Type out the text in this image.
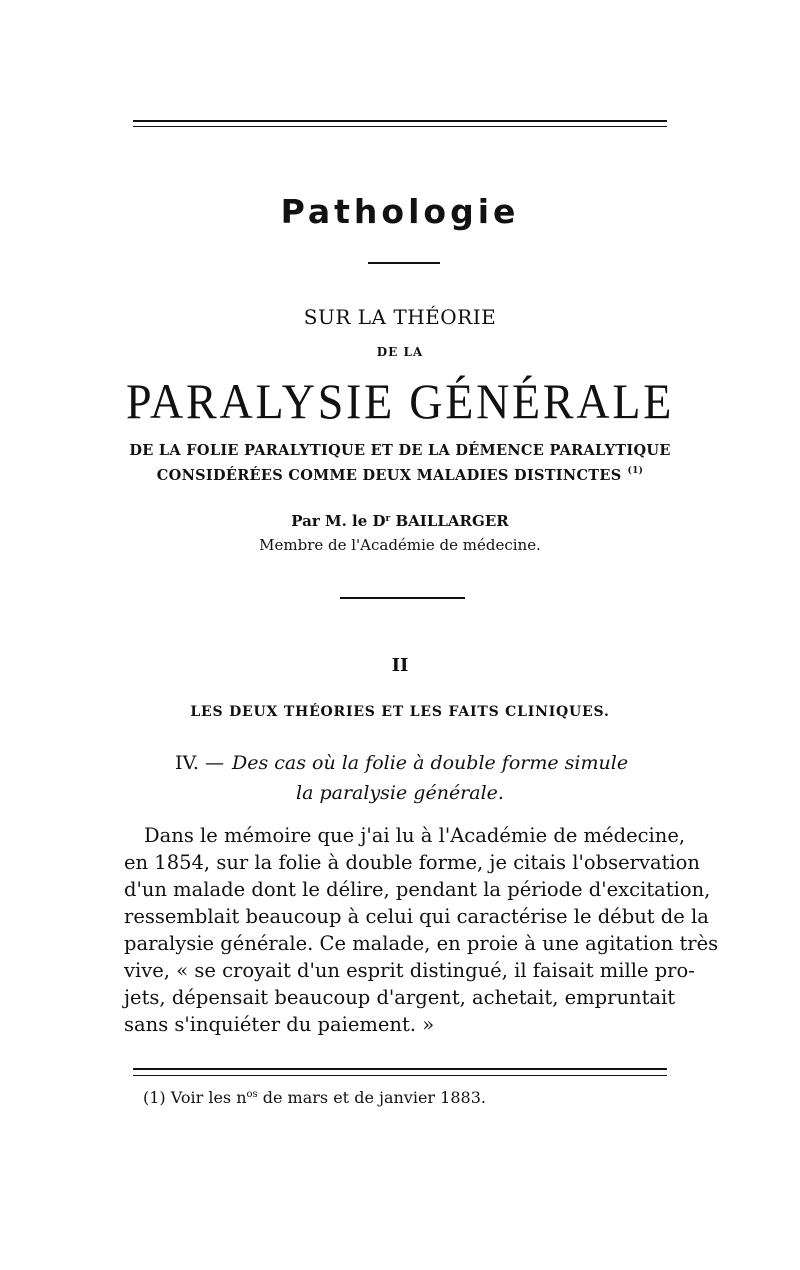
Pathologie
SUR LA THÉORIE
DE LA
PARALYSIE GÉNÉRALE
DE LA FOLIE PARALYTIQUE ET DE LA DÉMENCE PARALYTIQUE
CONSIDÉRÉES COMME DEUX MALADIES DISTINCTES $^{(1)}$
Par M. le $D^r$ BAILLARGER
Membre de l'Académie de médecine.
II
LES DEUX THÉORIES ET LES FAITS CLINIQUES.
IV. — Des cas où la folie à double forme simule
la paralysie générale.
Dans le mémoire que j'ai lu à l'Académie de médecine,
en 1854, sur la folie à double forme, je citais l'observation
d'un malade dont le délire, pendant la période d'excitation,
ressemblait beaucoup à celui qui caractérise le début de la
paralysie générale. Ce malade, en proie à une agitation très
vive, « se croyait d'un esprit distingué, il faisait mille pro-
jets, dépensait beaucoup d'argent, achetait, empruntait
sans s'inquiéter du paiement. »
(1) Voir les $n^{os}$ de mars et de janvier 1883.
